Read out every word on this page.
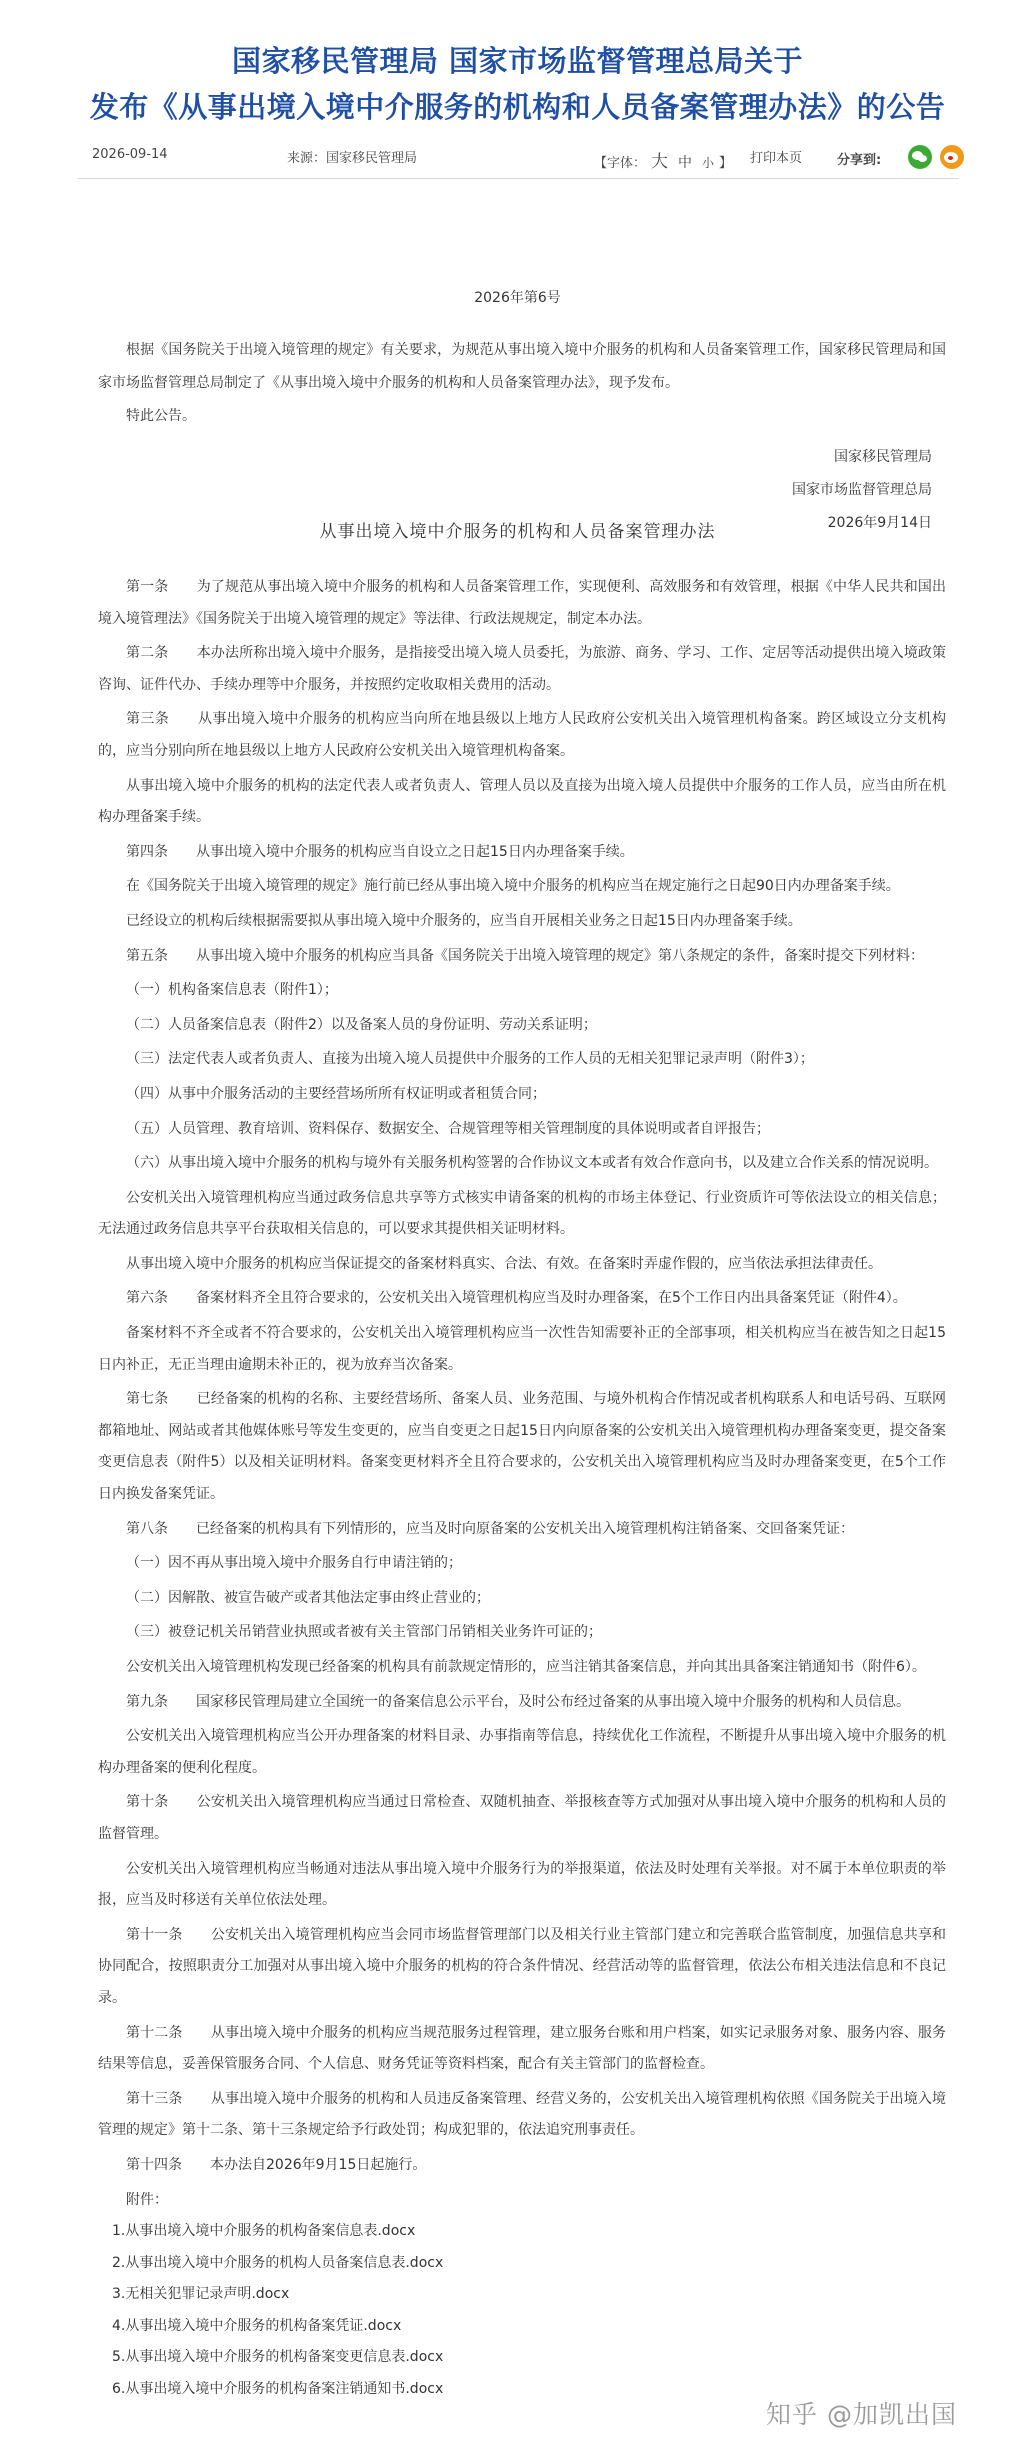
国家移民管理局 国家市场监督管理总局关于
发布《从事出境入境中介服务的机构和人员备案管理办法》的公告
2026-09-14	来源：国家移民管理局	【字体： 大 中 小 】 打印本页	分享到:
2026年第6号

根据《国务院关于出境入境管理的规定》有关要求，为规范从事出境入境中介服务的机构和人员备案管理工作，国家移民管理局和国家市场监督管理总局制定了《从事出境入境中介服务的机构和人员备案管理办法》，现予发布。

特此公告。

国家移民管理局

国家市场监督管理总局

2026年9月14日

从事出境入境中介服务的机构和人员备案管理办法

第一条　　为了规范从事出境入境中介服务的机构和人员备案管理工作，实现便利、高效服务和有效管理，根据《中华人民共和国出境入境管理法》《国务院关于出境入境管理的规定》等法律、行政法规规定，制定本办法。

第二条　　本办法所称出境入境中介服务，是指接受出境入境人员委托，为旅游、商务、学习、工作、定居等活动提供出境入境政策咨询、证件代办、手续办理等中介服务，并按照约定收取相关费用的活动。

第三条　　从事出境入境中介服务的机构应当向所在地县级以上地方人民政府公安机关出入境管理机构备案。跨区域设立分支机构的，应当分别向所在地县级以上地方人民政府公安机关出入境管理机构备案。

从事出境入境中介服务的机构的法定代表人或者负责人、管理人员以及直接为出境入境人员提供中介服务的工作人员，应当由所在机构办理备案手续。

第四条　　从事出境入境中介服务的机构应当自设立之日起15日内办理备案手续。

在《国务院关于出境入境管理的规定》施行前已经从事出境入境中介服务的机构应当在规定施行之日起90日内办理备案手续。

已经设立的机构后续根据需要拟从事出境入境中介服务的，应当自开展相关业务之日起15日内办理备案手续。

第五条　　从事出境入境中介服务的机构应当具备《国务院关于出境入境管理的规定》第八条规定的条件，备案时提交下列材料：

（一）机构备案信息表（附件1）；

（二）人员备案信息表（附件2）以及备案人员的身份证明、劳动关系证明；

（三）法定代表人或者负责人、直接为出境入境人员提供中介服务的工作人员的无相关犯罪记录声明（附件3）；

（四）从事中介服务活动的主要经营场所所有权证明或者租赁合同；

（五）人员管理、教育培训、资料保存、数据安全、合规管理等相关管理制度的具体说明或者自评报告；

（六）从事出境入境中介服务的机构与境外有关服务机构签署的合作协议文本或者有效合作意向书，以及建立合作关系的情况说明。

公安机关出入境管理机构应当通过政务信息共享等方式核实申请备案的机构的市场主体登记、行业资质许可等依法设立的相关信息；无法通过政务信息共享平台获取相关信息的，可以要求其提供相关证明材料。

从事出境入境中介服务的机构应当保证提交的备案材料真实、合法、有效。在备案时弄虚作假的，应当依法承担法律责任。

第六条　　备案材料齐全且符合要求的，公安机关出入境管理机构应当及时办理备案，在5个工作日内出具备案凭证（附件4）。

备案材料不齐全或者不符合要求的，公安机关出入境管理机构应当一次性告知需要补正的全部事项，相关机构应当在被告知之日起15日内补正，无正当理由逾期未补正的，视为放弃当次备案。

第七条　　已经备案的机构的名称、主要经营场所、备案人员、业务范围、与境外机构合作情况或者机构联系人和电话号码、互联网都箱地址、网站或者其他媒体账号等发生变更的，应当自变更之日起15日内向原备案的公安机关出入境管理机构办理备案变更，提交备案变更信息表（附件5）以及相关证明材料。备案变更材料齐全且符合要求的，公安机关出入境管理机构应当及时办理备案变更，在5个工作日内换发备案凭证。

第八条　　已经备案的机构具有下列情形的，应当及时向原备案的公安机关出入境管理机构注销备案、交回备案凭证：

（一）因不再从事出境入境中介服务自行申请注销的；

（二）因解散、被宣告破产或者其他法定事由终止营业的；

（三）被登记机关吊销营业执照或者被有关主管部门吊销相关业务许可证的；

公安机关出入境管理机构发现已经备案的机构具有前款规定情形的，应当注销其备案信息，并向其出具备案注销通知书（附件6）。

第九条　　国家移民管理局建立全国统一的备案信息公示平台，及时公布经过备案的从事出境入境中介服务的机构和人员信息。

公安机关出入境管理机构应当公开办理备案的材料目录、办事指南等信息，持续优化工作流程，不断提升从事出境入境中介服务的机构办理备案的便利化程度。

第十条　　公安机关出入境管理机构应当通过日常检查、双随机抽查、举报核查等方式加强对从事出境入境中介服务的机构和人员的监督管理。

公安机关出入境管理机构应当畅通对违法从事出境入境中介服务行为的举报渠道，依法及时处理有关举报。对不属于本单位职责的举报，应当及时移送有关单位依法处理。

第十一条　　公安机关出入境管理机构应当会同市场监督管理部门以及相关行业主管部门建立和完善联合监管制度，加强信息共享和协同配合，按照职责分工加强对从事出境入境中介服务的机构的符合条件情况、经营活动等的监督管理，依法公布相关违法信息和不良记录。

第十二条　　从事出境入境中介服务的机构应当规范服务过程管理，建立服务台账和用户档案，如实记录服务对象、服务内容、服务结果等信息，妥善保管服务合同、个人信息、财务凭证等资料档案，配合有关主管部门的监督检查。

第十三条　　从事出境入境中介服务的机构和人员违反备案管理、经营义务的，公安机关出入境管理机构依照《国务院关于出境入境管理的规定》第十二条、第十三条规定给予行政处罚；构成犯罪的，依法追究刑事责任。

第十四条　　本办法自2026年9月15日起施行。

附件：

1.从事出境入境中介服务的机构备案信息表.docx

2.从事出境入境中介服务的机构人员备案信息表.docx

3.无相关犯罪记录声明.docx

4.从事出境入境中介服务的机构备案凭证.docx

5.从事出境入境中介服务的机构备案变更信息表.docx

6.从事出境入境中介服务的机构备案注销通知书.docx

知乎 @加凯出国
